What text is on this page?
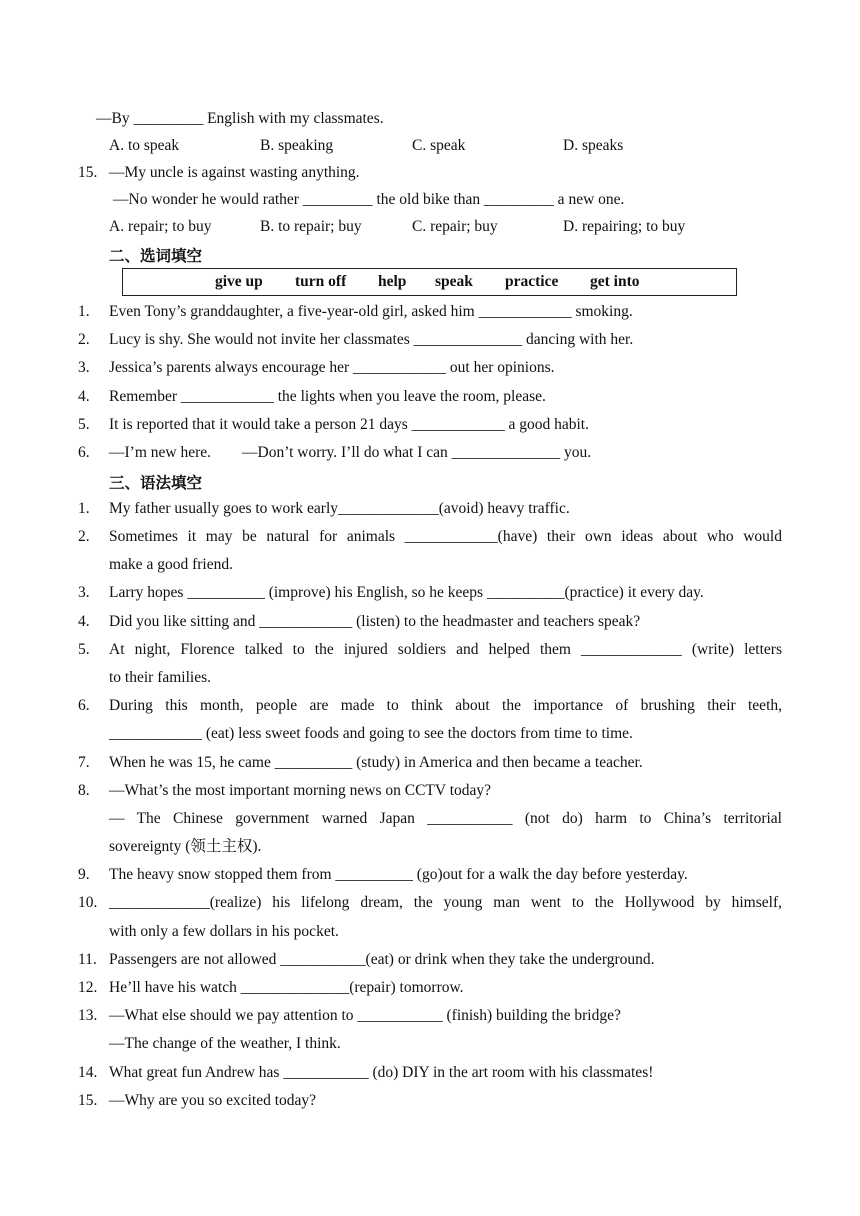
—By _________ English with my classmates.
A. to speak	B. speaking	C. speak	D. speaks
15. —My uncle is against wasting anything.
—No wonder he would rather _________ the old bike than _________ a new one.
A. repair; to buy	B. to repair; buy	C. repair; buy	D. repairing; to buy
二、选词填空
give up turn off help speak practice get into
1.	Even Tony’s granddaughter, a five-year-old girl, asked him ____________ smoking.
2.	Lucy is shy. She would not invite her classmates ______________ dancing with her.
3.	Jessica’s parents always encourage her ____________ out her opinions.
4.	Remember ____________ the lights when you leave the room, please.
5.	It is reported that it would take a person 21 days ____________ a good habit.
6.	—I’m new here.        —Don’t worry. I’ll do what I can ______________ you.
三、语法填空
1.	My father usually goes to work early_____________(avoid) heavy traffic.
2.	Sometimes it may be natural for animals ____________(have) their own ideas about who would
make a good friend.
3.	Larry hopes __________ (improve) his English, so he keeps __________(practice) it every day.
4.	Did you like sitting and ____________ (listen) to the headmaster and teachers speak?
5.	At night, Florence talked to the injured soldiers and helped them _____________ (write) letters
to their families.
6.	During this month, people are made to think about the importance of brushing their teeth,
____________ (eat) less sweet foods and going to see the doctors from time to time.
7.	When he was 15, he came __________ (study) in America and then became a teacher.
8.	—What’s the most important morning news on CCTV today?
— The Chinese government warned Japan ___________ (not do) harm to China’s territorial
sovereignty (领土主权).
9.	The heavy snow stopped them from __________ (go)out for a walk the day before yesterday.
10. _____________(realize) his lifelong dream, the young man went to the Hollywood by himself,
with only a few dollars in his pocket.
11. Passengers are not allowed ___________(eat) or drink when they take the underground.
12. He’ll have his watch ______________(repair) tomorrow.
13. —What else should we pay attention to ___________ (finish) building the bridge?
—The change of the weather, I think.
14. What great fun Andrew has ___________ (do) DIY in the art room with his classmates!
15. —Why are you so excited today?
